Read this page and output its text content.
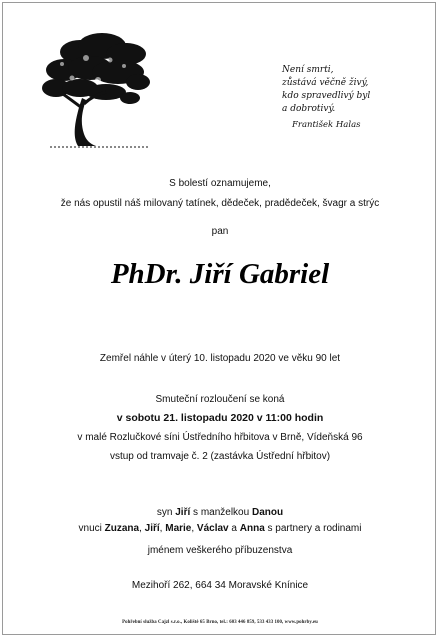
Není smrti,
zůstává věčně živý,
kdo spravedlivý byl
a dobrotivý.
František Halas
S bolestí oznamujeme,
že nás opustil náš milovaný tatínek, dědeček, pradědeček, švagr a strýc
pan
PhDr. Jiří Gabriel
Zemřel náhle v úterý 10. listopadu 2020 ve věku 90 let
Smuteční rozloučení se koná
v sobotu 21. listopadu 2020 v 11:00 hodin
v malé Rozlučkové síni Ústředního hřbitova v Brně, Vídeňská 96
vstup od tramvaje č. 2 (zastávka Ústřední hřbitov)
syn Jiří s manželkou Danou
vnuci Zuzana, Jiří, Marie, Václav a Anna s partnery a rodinami
jménem veškerého příbuzenstva
Mezihoří 262, 664 34 Moravské Knínice
Pohřební služba Cajzl s.r.o., Kolištė 65 Brno, tel.: 603 446 859, 533 433 100, www.pohrby.eu
